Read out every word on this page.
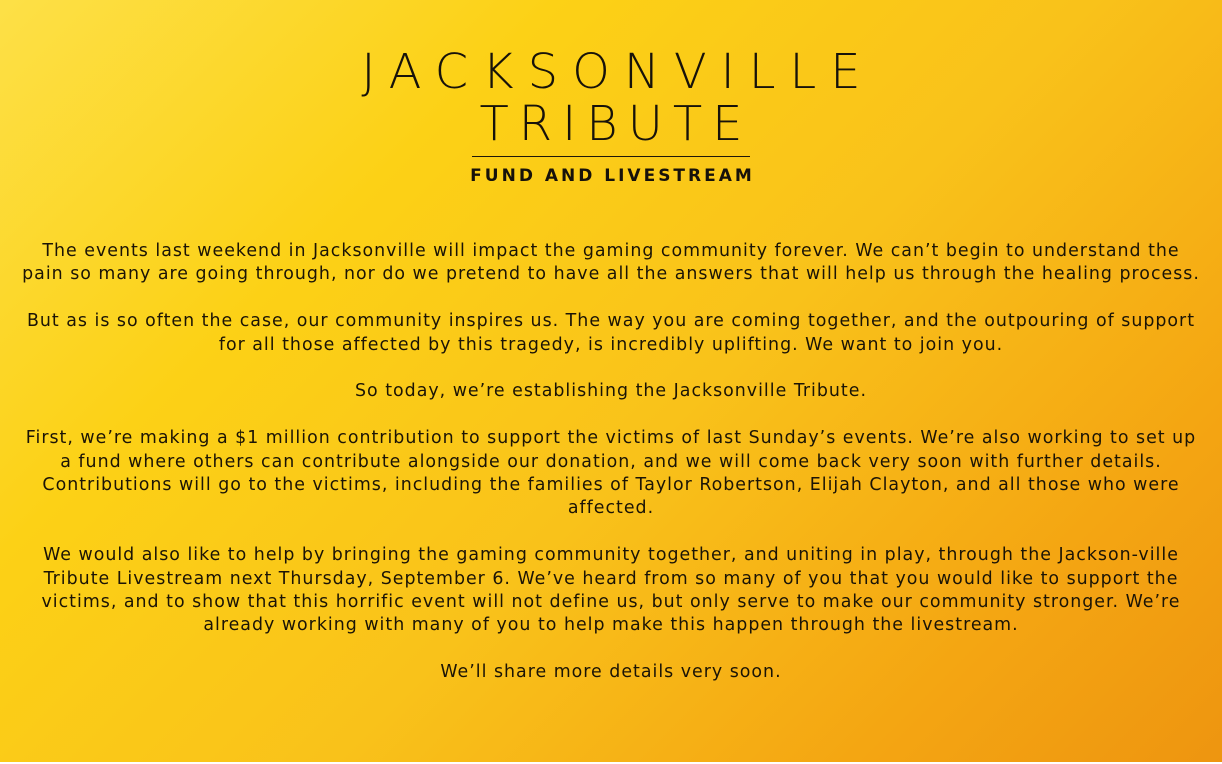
JACKSONVILLE
TRIBUTE
FUND AND LIVESTREAM

The events last weekend in Jacksonville will impact the gaming community forever. We can’t begin to understand the pain so many are going through, nor do we pretend to have all the answers that will help us through the healing process.

But as is so often the case, our community inspires us. The way you are coming together, and the outpouring of support for all those affected by this tragedy, is incredibly uplifting. We want to join you.

So today, we’re establishing the Jacksonville Tribute.

First, we’re making a $1 million contribution to support the victims of last Sunday’s events. We’re also working to set up a fund where others can contribute alongside our donation, and we will come back very soon with further details. Contributions will go to the victims, including the families of Taylor Robertson, Elijah Clayton, and all those who were affected.

We would also like to help by bringing the gaming community together, and uniting in play, through the Jackson-ville Tribute Livestream next Thursday, September 6. We’ve heard from so many of you that you would like to support the victims, and to show that this horrific event will not define us, but only serve to make our community stronger. We’re already working with many of you to help make this happen through the livestream.

We’ll share more details very soon.
